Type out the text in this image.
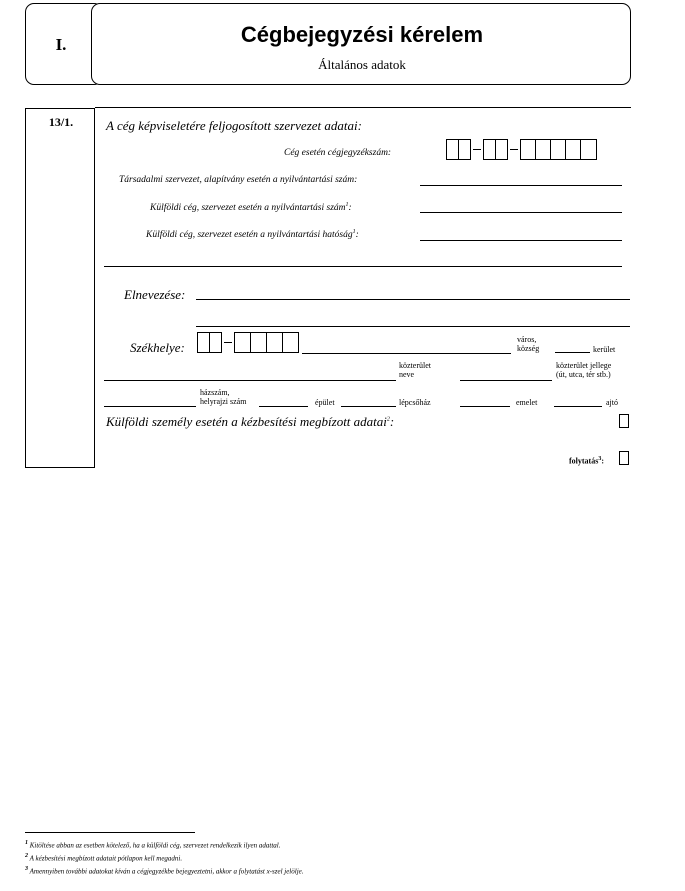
I.	Cégbejegyzési kérelem
Általános adatok
13/1.	A cég képviseletére feljogosított szervezet adatai:
Cég esetén cégjegyzékszám:
Társadalmi szervezet, alapítvány esetén a nyilvántartási szám:
Külföldi cég, szervezet esetén a nyilvántartási szám$^1$:
Külföldi cég, szervezet esetén a nyilvántartási hatóság$^1$:
Elnevezése:
Székhelye:
város,
község	kerület
közterület
neve
közterület jellege
(út, utca, tér stb.)
házszám,
helyrajzi szám	épület	lépcsőház	emelet	ajtó
Külföldi személy esetén a kézbesítési megbízott adatai$^2$:
folytatás$^3$:
$^1$ Kitöltése abban az esetben kötelező, ha a külföldi cég, szervezet rendelkezik ilyen adattal.
$^2$ A kézbesítési megbízott adatait pótlapon kell megadni.
$^3$ Amennyiben további adatokat kíván a cégjegyzékbe bejegyeztetni, akkor a folytatást x-szel jelölje.
